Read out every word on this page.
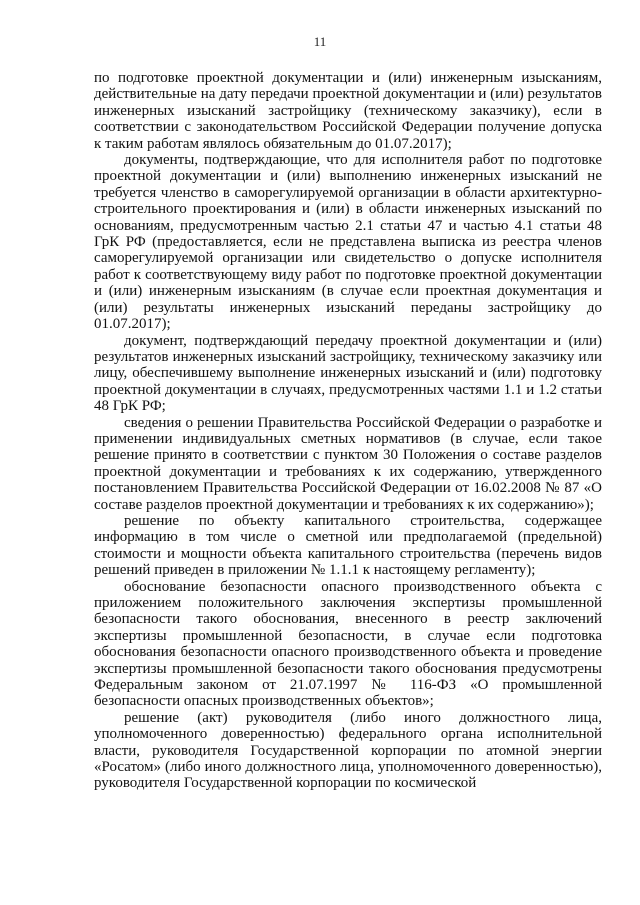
11

по подготовке проектной документации и (или) инженерным изысканиям, действительные на дату передачи проектной документации и (или) результатов инженерных изысканий застройщику (техническому заказчику), если в соответствии с законодательством Российской Федерации получение допуска к таким работам являлось обязательным до 01.07.2017);

документы, подтверждающие, что для исполнителя работ по подготовке проектной документации и (или) выполнению инженерных изысканий не требуется членство в саморегулируемой организации в области архитектурно-строительного проектирования и (или) в области инженерных изысканий по основаниям, предусмотренным частью 2.1 статьи 47 и частью 4.1 статьи 48 ГрК РФ (предоставляется, если не представлена выписка из реестра членов саморегулируемой организации или свидетельство о допуске исполнителя работ к соответствующему виду работ по подготовке проектной документации и (или) инженерным изысканиям (в случае если проектная документация и (или) результаты инженерных изысканий переданы застройщику до 01.07.2017);

документ, подтверждающий передачу проектной документации и (или) результатов инженерных изысканий застройщику, техническому заказчику или лицу, обеспечившему выполнение инженерных изысканий и (или) подготовку проектной документации в случаях, предусмотренных частями 1.1 и 1.2 статьи 48 ГрК РФ;

сведения о решении Правительства Российской Федерации о разработке и применении индивидуальных сметных нормативов (в случае, если такое решение принято в соответствии с пунктом 30 Положения о составе разделов проектной документации и требованиях к их содержанию, утвержденного постановлением Правительства Российской Федерации от 16.02.2008 № 87 «О составе разделов проектной документации и требованиях к их содержанию»);

решение по объекту капитального строительства, содержащее информацию в том числе о сметной или предполагаемой (предельной) стоимости и мощности объекта капитального строительства (перечень видов решений приведен в приложении № 1.1.1 к настоящему регламенту);

обоснование безопасности опасного производственного объекта с приложением положительного заключения экспертизы промышленной безопасности такого обоснования, внесенного в реестр заключений экспертизы промышленной безопасности, в случае если подготовка обоснования безопасности опасного производственного объекта и проведение экспертизы промышленной безопасности такого обоснования предусмотрены Федеральным законом от 21.07.1997 № 116-ФЗ «О промышленной безопасности опасных производственных объектов»;

решение (акт) руководителя (либо иного должностного лица, уполномоченного доверенностью) федерального органа исполнительной власти, руководителя Государственной корпорации по атомной энергии «Росатом» (либо иного должностного лица, уполномоченного доверенностью), руководителя Государственной корпорации по космической
